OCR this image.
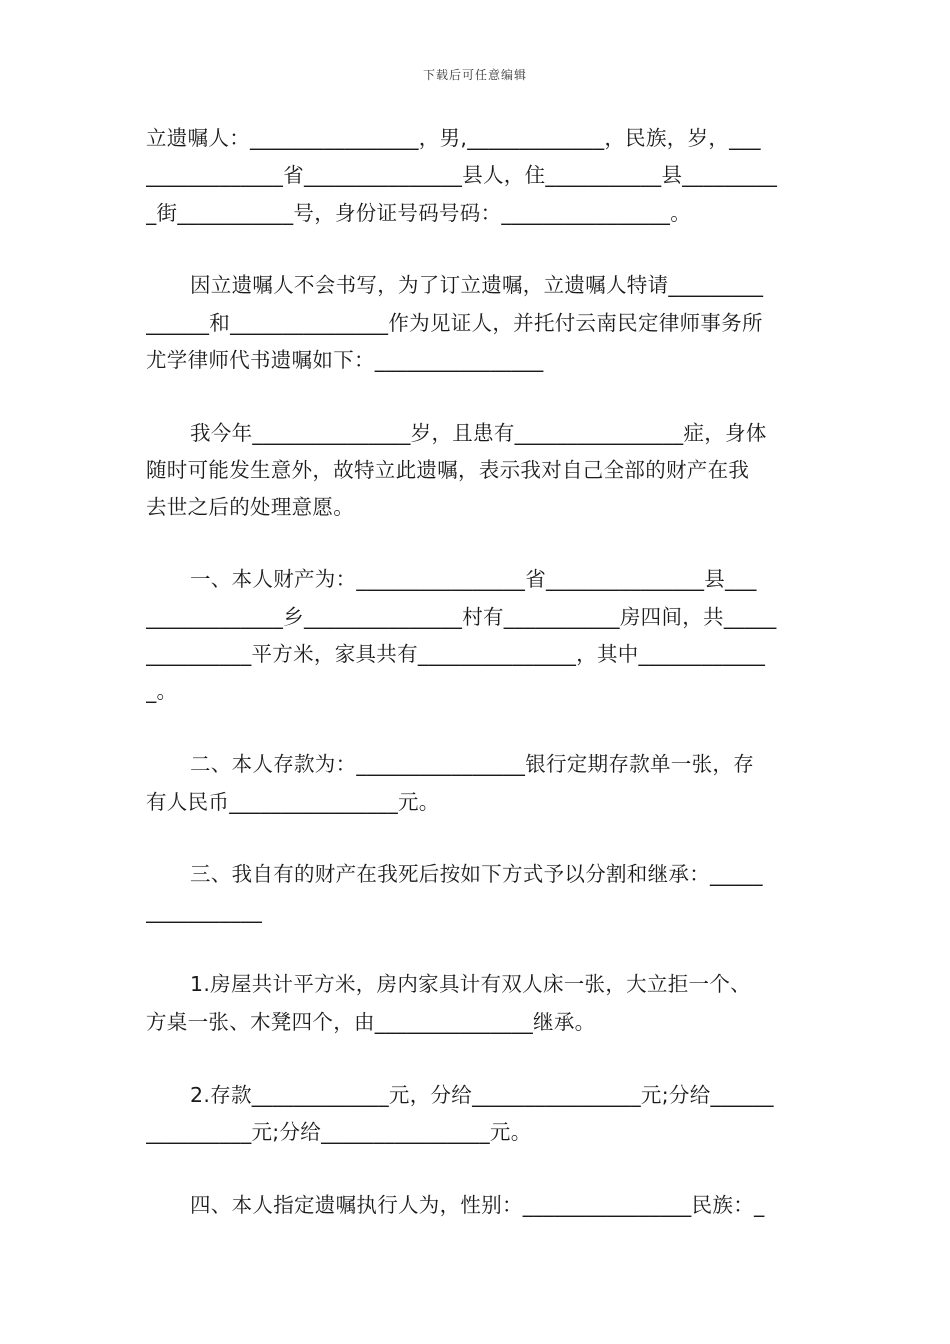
下载后可任意编辑
立遗嘱人：________________，男,_____________，民族，岁，___
_____________省_______________县人，住___________县_________
_街___________号，身份证号码号码：________________。
因立遗嘱人不会书写，为了订立遗嘱，立遗嘱人特请_________
______和_______________作为见证人，并托付云南民定律师事务所
尤学律师代书遗嘱如下：________________
我今年_______________岁，且患有________________症，身体
随时可能发生意外，故特立此遗嘱，表示我对自己全部的财产在我
去世之后的处理意愿。
一、本人财产为：________________省_______________县___
_____________乡_______________村有___________房四间，共_____
__________平方米，家具共有_______________，其中____________
_。
二、本人存款为：________________银行定期存款单一张，存
有人民币________________元。
三、我自有的财产在我死后按如下方式予以分割和继承：_____
___________
1.房屋共计平方米，房内家具计有双人床一张，大立拒一个、
方桌一张、木凳四个，由_______________继承。
2.存款_____________元，分给________________元;分给______
__________元;分给________________元。
四、本人指定遗嘱执行人为，性别：________________民族：_
